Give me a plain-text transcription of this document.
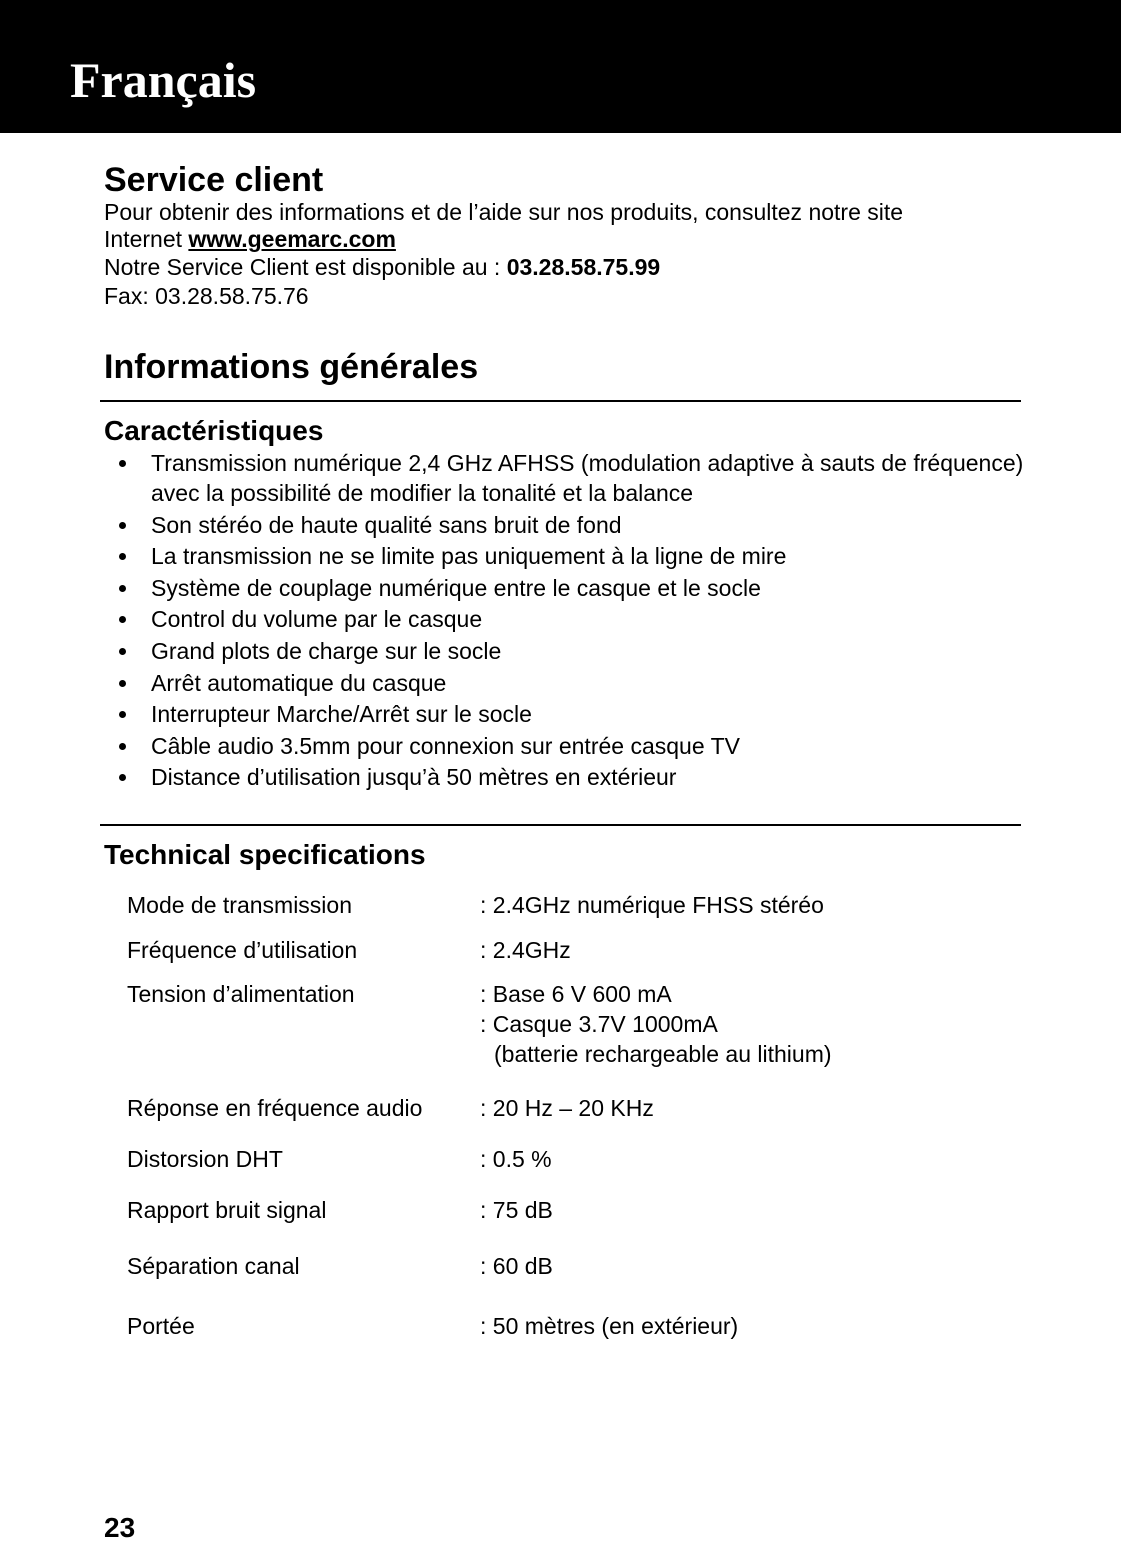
Français
Service client

Pour obtenir des informations et de l’aide sur nos produits, consultez notre site

Internet www.geemarc.com

Notre Service Client est disponible au : 03.28.58.75.99

Fax: 03.28.58.75.76

Informations générales
Caractéristiques
Transmission numérique 2,4 GHz AFHSS (modulation adaptive à sauts de fréquence) avec la possibilité de modifier la tonalité et la balance
Son stéréo de haute qualité sans bruit de fond
La transmission ne se limite pas uniquement à la ligne de mire
Système de couplage numérique entre le casque et le socle
Control du volume par le casque
Grand plots de charge sur le socle
Arrêt automatique du casque
Interrupteur Marche/Arrêt sur le socle
Câble audio 3.5mm pour connexion sur entrée casque TV
Distance d’utilisation jusqu’à 50 mètres en extérieur
Technical specifications

Mode de transmission	: 2.4GHz numérique FHSS stéréo

Fréquence d’utilisation	: 2.4GHz

Tension d’alimentation	: Base 6 V 600 mA

: Casque 3.7V 1000mA

(batterie rechargeable au lithium)

Réponse en fréquence audio	: 20 Hz – 20 KHz

Distorsion DHT	: 0.5 %

Rapport bruit signal	: 75 dB

Séparation canal	: 60 dB

Portée	: 50 mètres (en extérieur)

23
